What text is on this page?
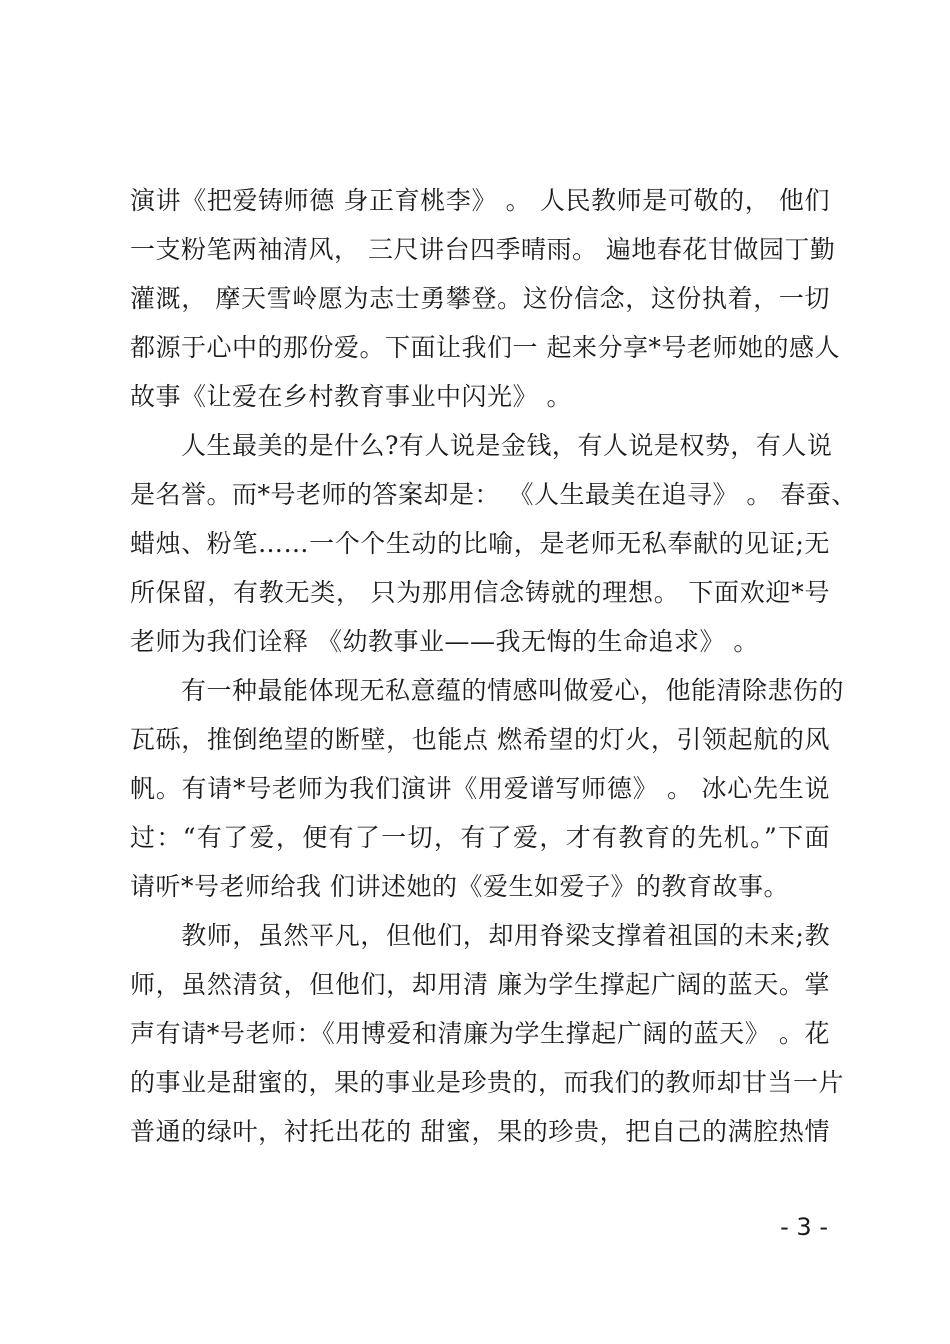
演讲《把爱铸师德 身正育桃李》 。 人民教师是可敬的， 他们
一支粉笔两袖清风， 三尺讲台四季晴雨。 遍地春花甘做园丁勤
灌溉， 摩天雪岭愿为志士勇攀登。这份信念，这份执着，一切
都源于心中的那份爱。下面让我们一 起来分享*号老师她的感人
故事《让爱在乡村教育事业中闪光》 。
　　人生最美的是什么?有人说是金钱，有人说是权势，有人说
是名誉。而*号老师的答案却是： 《人生最美在追寻》 。 春蚕、
蜡烛、粉笔……一个个生动的比喻，是老师无私奉献的见证;无
所保留，有教无类， 只为那用信念铸就的理想。 下面欢迎*号
老师为我们诠释 《幼教事业——我无悔的生命追求》 。
　　有一种最能体现无私意蕴的情感叫做爱心，他能清除悲伤的
瓦砾，推倒绝望的断壁，也能点 燃希望的灯火，引领起航的风
帆。有请*号老师为我们演讲《用爱谱写师德》 。 冰心先生说
过：“有了爱，便有了一切，有了爱，才有教育的先机。”下面
请听*号老师给我 们讲述她的《爱生如爱子》的教育故事。
　　教师，虽然平凡，但他们，却用脊梁支撑着祖国的未来;教
师，虽然清贫，但他们，却用清 廉为学生撑起广阔的蓝天。掌
声有请*号老师：《用博爱和清廉为学生撑起广阔的蓝天》 。花
的事业是甜蜜的，果的事业是珍贵的，而我们的教师却甘当一片
普通的绿叶，衬托出花的 甜蜜，果的珍贵，把自己的满腔热情
- 3 -
